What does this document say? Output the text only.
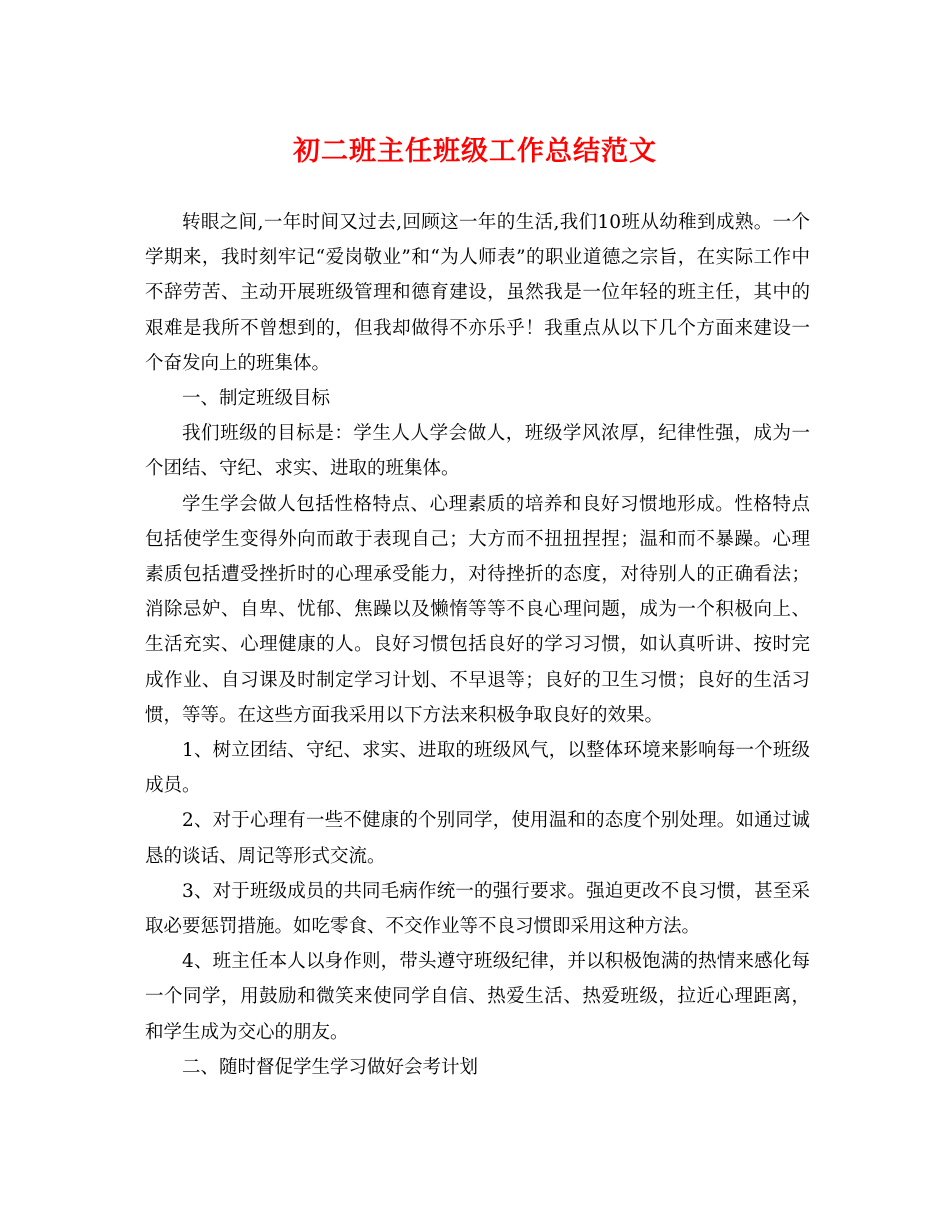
初二班主任班级工作总结范文

转眼之间,一年时间又过去,回顾这一年的生活,我们10班从幼稚到成熟。一个学期来，我时刻牢记“爱岗敬业”和“为人师表”的职业道德之宗旨，在实际工作中不辞劳苦、主动开展班级管理和德育建设，虽然我是一位年轻的班主任，其中的艰难是我所不曾想到的，但我却做得不亦乐乎！我重点从以下几个方面来建设一个奋发向上的班集体。

一、制定班级目标

我们班级的目标是：学生人人学会做人，班级学风浓厚，纪律性强，成为一个团结、守纪、求实、进取的班集体。

学生学会做人包括性格特点、心理素质的培养和良好习惯地形成。性格特点包括使学生变得外向而敢于表现自己；大方而不扭扭捏捏；温和而不暴躁。心理素质包括遭受挫折时的心理承受能力，对待挫折的态度，对待别人的正确看法；消除忌妒、自卑、忧郁、焦躁以及懒惰等等不良心理问题，成为一个积极向上、生活充实、心理健康的人。良好习惯包括良好的学习习惯，如认真听讲、按时完成作业、自习课及时制定学习计划、不早退等；良好的卫生习惯；良好的生活习惯，等等。在这些方面我采用以下方法来积极争取良好的效果。

1、树立团结、守纪、求实、进取的班级风气，以整体环境来影响每一个班级成员。

2、对于心理有一些不健康的个别同学，使用温和的态度个别处理。如通过诚恳的谈话、周记等形式交流。

3、对于班级成员的共同毛病作统一的强行要求。强迫更改不良习惯，甚至采取必要惩罚措施。如吃零食、不交作业等不良习惯即采用这种方法。

4、班主任本人以身作则，带头遵守班级纪律，并以积极饱满的热情来感化每一个同学，用鼓励和微笑来使同学自信、热爱生活、热爱班级，拉近心理距离，和学生成为交心的朋友。

二、随时督促学生学习做好会考计划
